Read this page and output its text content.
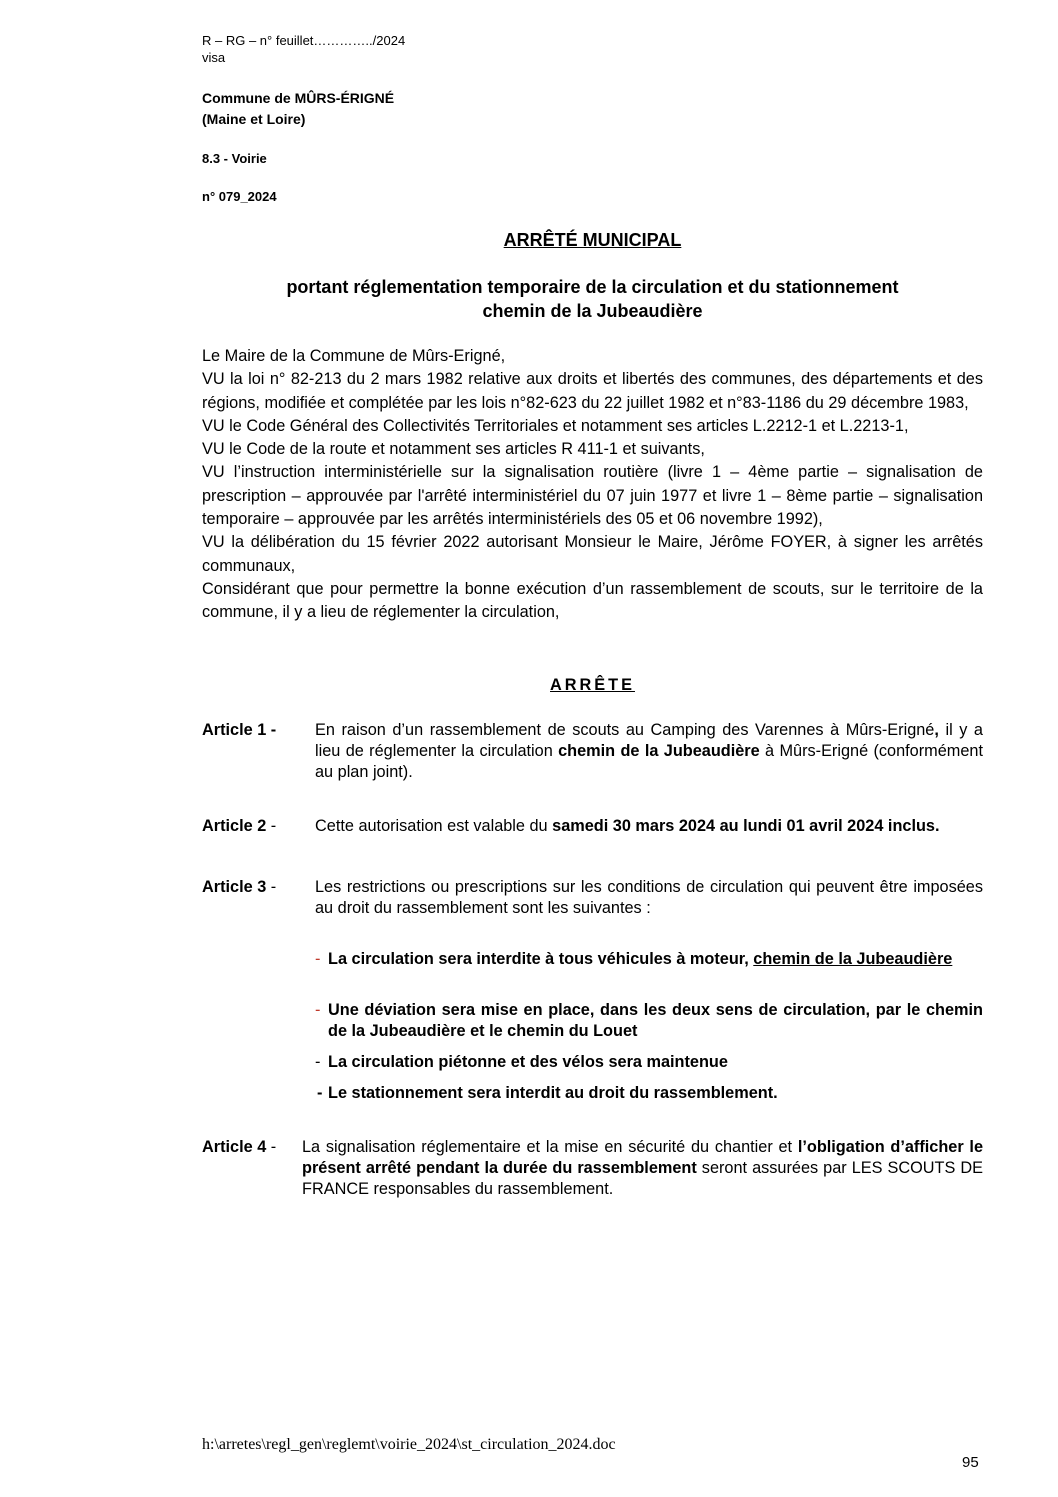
R – RG – n° feuillet…………../2024
visa
Commune de MÛRS-ÉRIGNÉ
(Maine et Loire)
8.3 - Voirie
n° 079_2024
ARRÊTÉ MUNICIPAL
portant réglementation temporaire de la circulation et du stationnement
chemin de la Jubeaudière

Le Maire de la Commune de Mûrs-Erigné,

VU la loi n° 82-213 du 2 mars 1982 relative aux droits et libertés des communes, des départements et des régions, modifiée et complétée par les lois n°82-623 du 22 juillet 1982 et n°83-1186 du 29 décembre 1983,

VU le Code Général des Collectivités Territoriales et notamment ses articles L.2212-1 et L.2213-1,

VU le Code de la route et notamment ses articles R 411-1 et suivants,

VU l’instruction interministérielle sur la signalisation routière (livre 1 – 4ème partie – signalisation de prescription – approuvée par l'arrêté interministériel du 07 juin 1977 et livre 1 – 8ème partie – signalisation temporaire – approuvée par les arrêtés interministériels des 05 et 06 novembre 1992),

VU la délibération du 15 février 2022 autorisant Monsieur le Maire, Jérôme FOYER, à signer les arrêtés communaux,

Considérant que pour permettre la bonne exécution d’un rassemblement de scouts, sur le territoire de la commune, il y a lieu de réglementer la circulation,

ARRÊTE
Article 1 - En raison d’un rassemblement de scouts au Camping des Varennes à Mûrs-Erigné, il y a lieu de réglementer la circulation chemin de la Jubeaudière à Mûrs-Erigné (conformément au plan joint).
Article 2 - Cette autorisation est valable du samedi 30 mars 2024 au lundi 01 avril 2024 inclus.
Article 3 - Les restrictions ou prescriptions sur les conditions de circulation qui peuvent être imposées au droit du rassemblement sont les suivantes :
- La circulation sera interdite à tous véhicules à moteur, chemin de la Jubeaudière
- Une déviation sera mise en place, dans les deux sens de circulation, par le chemin de la Jubeaudière et le chemin du Louet
- La circulation piétonne et des vélos sera maintenue
- Le stationnement sera interdit au droit du rassemblement.
Article 4 - La signalisation réglementaire et la mise en sécurité du chantier et l’obligation d’afficher le présent arrêté pendant la durée du rassemblement seront assurées par LES SCOUTS DE FRANCE responsables du rassemblement.
h:\arretes\regl_gen\reglemt\voirie_2024\st_circulation_2024.doc
95
